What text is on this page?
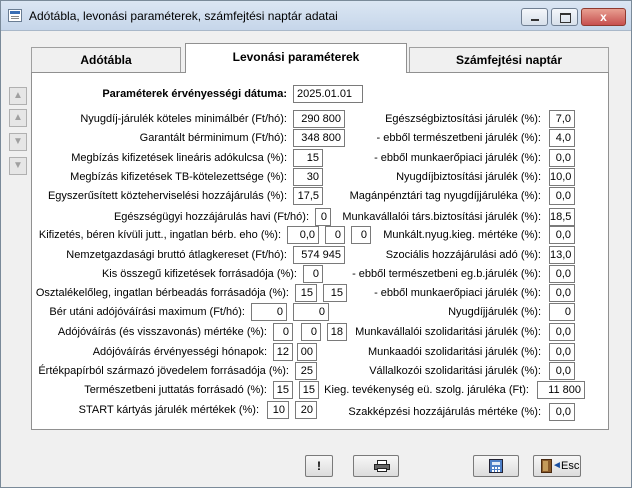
Adótábla, levonási paraméterek, számfejtési naptár adatai	x
Adótábla	Levonási paraméterek	Számfejtési naptár
▲
▲
▼
▼
Paraméterek érvényességi dátuma: 2025.01.01
Nyugdíj-járulék köteles minimálbér (Ft/hó):	290 800
Garantált bérminimum (Ft/hó):	348 800
Megbízás kifizetések lineáris adókulcsa (%):	15
Megbízás kifizetések TB-kötelezettsége (%):	30
Egyszerűsített közteherviselési hozzájárulás (%): 17,5
Egészségügyi hozzájárulás havi (Ft/hó):	0
Kifizetés, béren kívüli jutt., ingatlan bérb. eho (%):	0,0	0	0
Nemzetgazdasági bruttó átlagkereset (Ft/hó):	574 945
Kis összegű kifizetések forrásadója (%):	0
Osztalékelőleg, ingatlan bérbeadás forrásadója (%):	15	15
Bér utáni adójóváírási maximum (Ft/hó):	0	0
Adójóváírás (és visszavonás) mértéke (%):	0	0	18
Adójóváírás érvényességi hónapok: 12	00
Értékpapírból származó jövedelem forrásadója (%):	25
Természetbeni juttatás forrásadó (%): 15	15
START kártyás járulék mértékek (%):	10	20
Egészségbiztosítási járulék (%):	7,0
- ebből természetbeni járulék (%):	4,0
- ebből munkaerőpiaci járulék (%):	0,0
Nyugdíjbiztosítási járulék (%): 10,0
Magánpénztári tag nyugdíjjáruléka (%):	0,0
Munkavállalói társ.biztosítási járulék (%): 18,5
Munkált.nyug.kieg. mértéke (%):	0,0
Szociális hozzájárulási adó (%): 13,0
- ebből természetbeni eg.b.járulék (%):	0,0
- ebből munkaerőpiaci járulék (%):	0,0
Nyugdíjjárulék (%):	0
Munkavállalói szolidaritási járulék (%):	0,0
Munkaadói szolidaritási járulék (%):	0,0
Vállalkozói szolidaritási járulék (%):	0,0
Kieg. tevékenység eü. szolg. járuléka (Ft):	11 800
Szakképzési hozzájárulás mértéke (%):	0,0
!	◄ Esc
